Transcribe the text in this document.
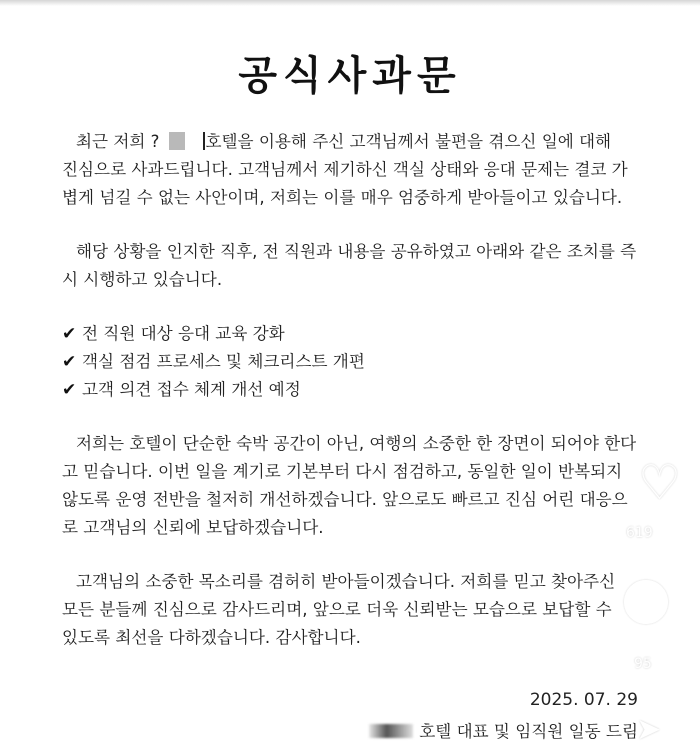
공식사과문
최근 저희 ?	호텔을 이용해 주신 고객님께서 불편을 겪으신 일에 대해
진심으로 사과드립니다. 고객님께서 제기하신 객실 상태와 응대 문제는 결코 가
볍게 넘길 수 없는 사안이며, 저희는 이를 매우 엄중하게 받아들이고 있습니다.
해당 상황을 인지한 직후, 전 직원과 내용을 공유하였고 아래와 같은 조치를 즉
시 시행하고 있습니다.
✔ 전 직원 대상 응대 교육 강화
✔ 객실 점검 프로세스 및 체크리스트 개편
✔ 고객 의견 접수 체계 개선 예정
저희는 호텔이 단순한 숙박 공간이 아닌, 여행의 소중한 한 장면이 되어야 한다
고 믿습니다. 이번 일을 계기로 기본부터 다시 점검하고, 동일한 일이 반복되지
않도록 운영 전반을 철저히 개선하겠습니다. 앞으로도 빠르고 진심 어린 대응으
로 고객님의 신뢰에 보답하겠습니다.
고객님의 소중한 목소리를 겸허히 받아들이겠습니다. 저희를 믿고 찾아주신
모든 분들께 진심으로 감사드리며, 앞으로 더욱 신뢰받는 모습으로 보답할 수
있도록 최선을 다하겠습니다. 감사합니다.
2025. 07. 29
호텔 대표 및 임직원 일동 드림
♡
619
95
➤
